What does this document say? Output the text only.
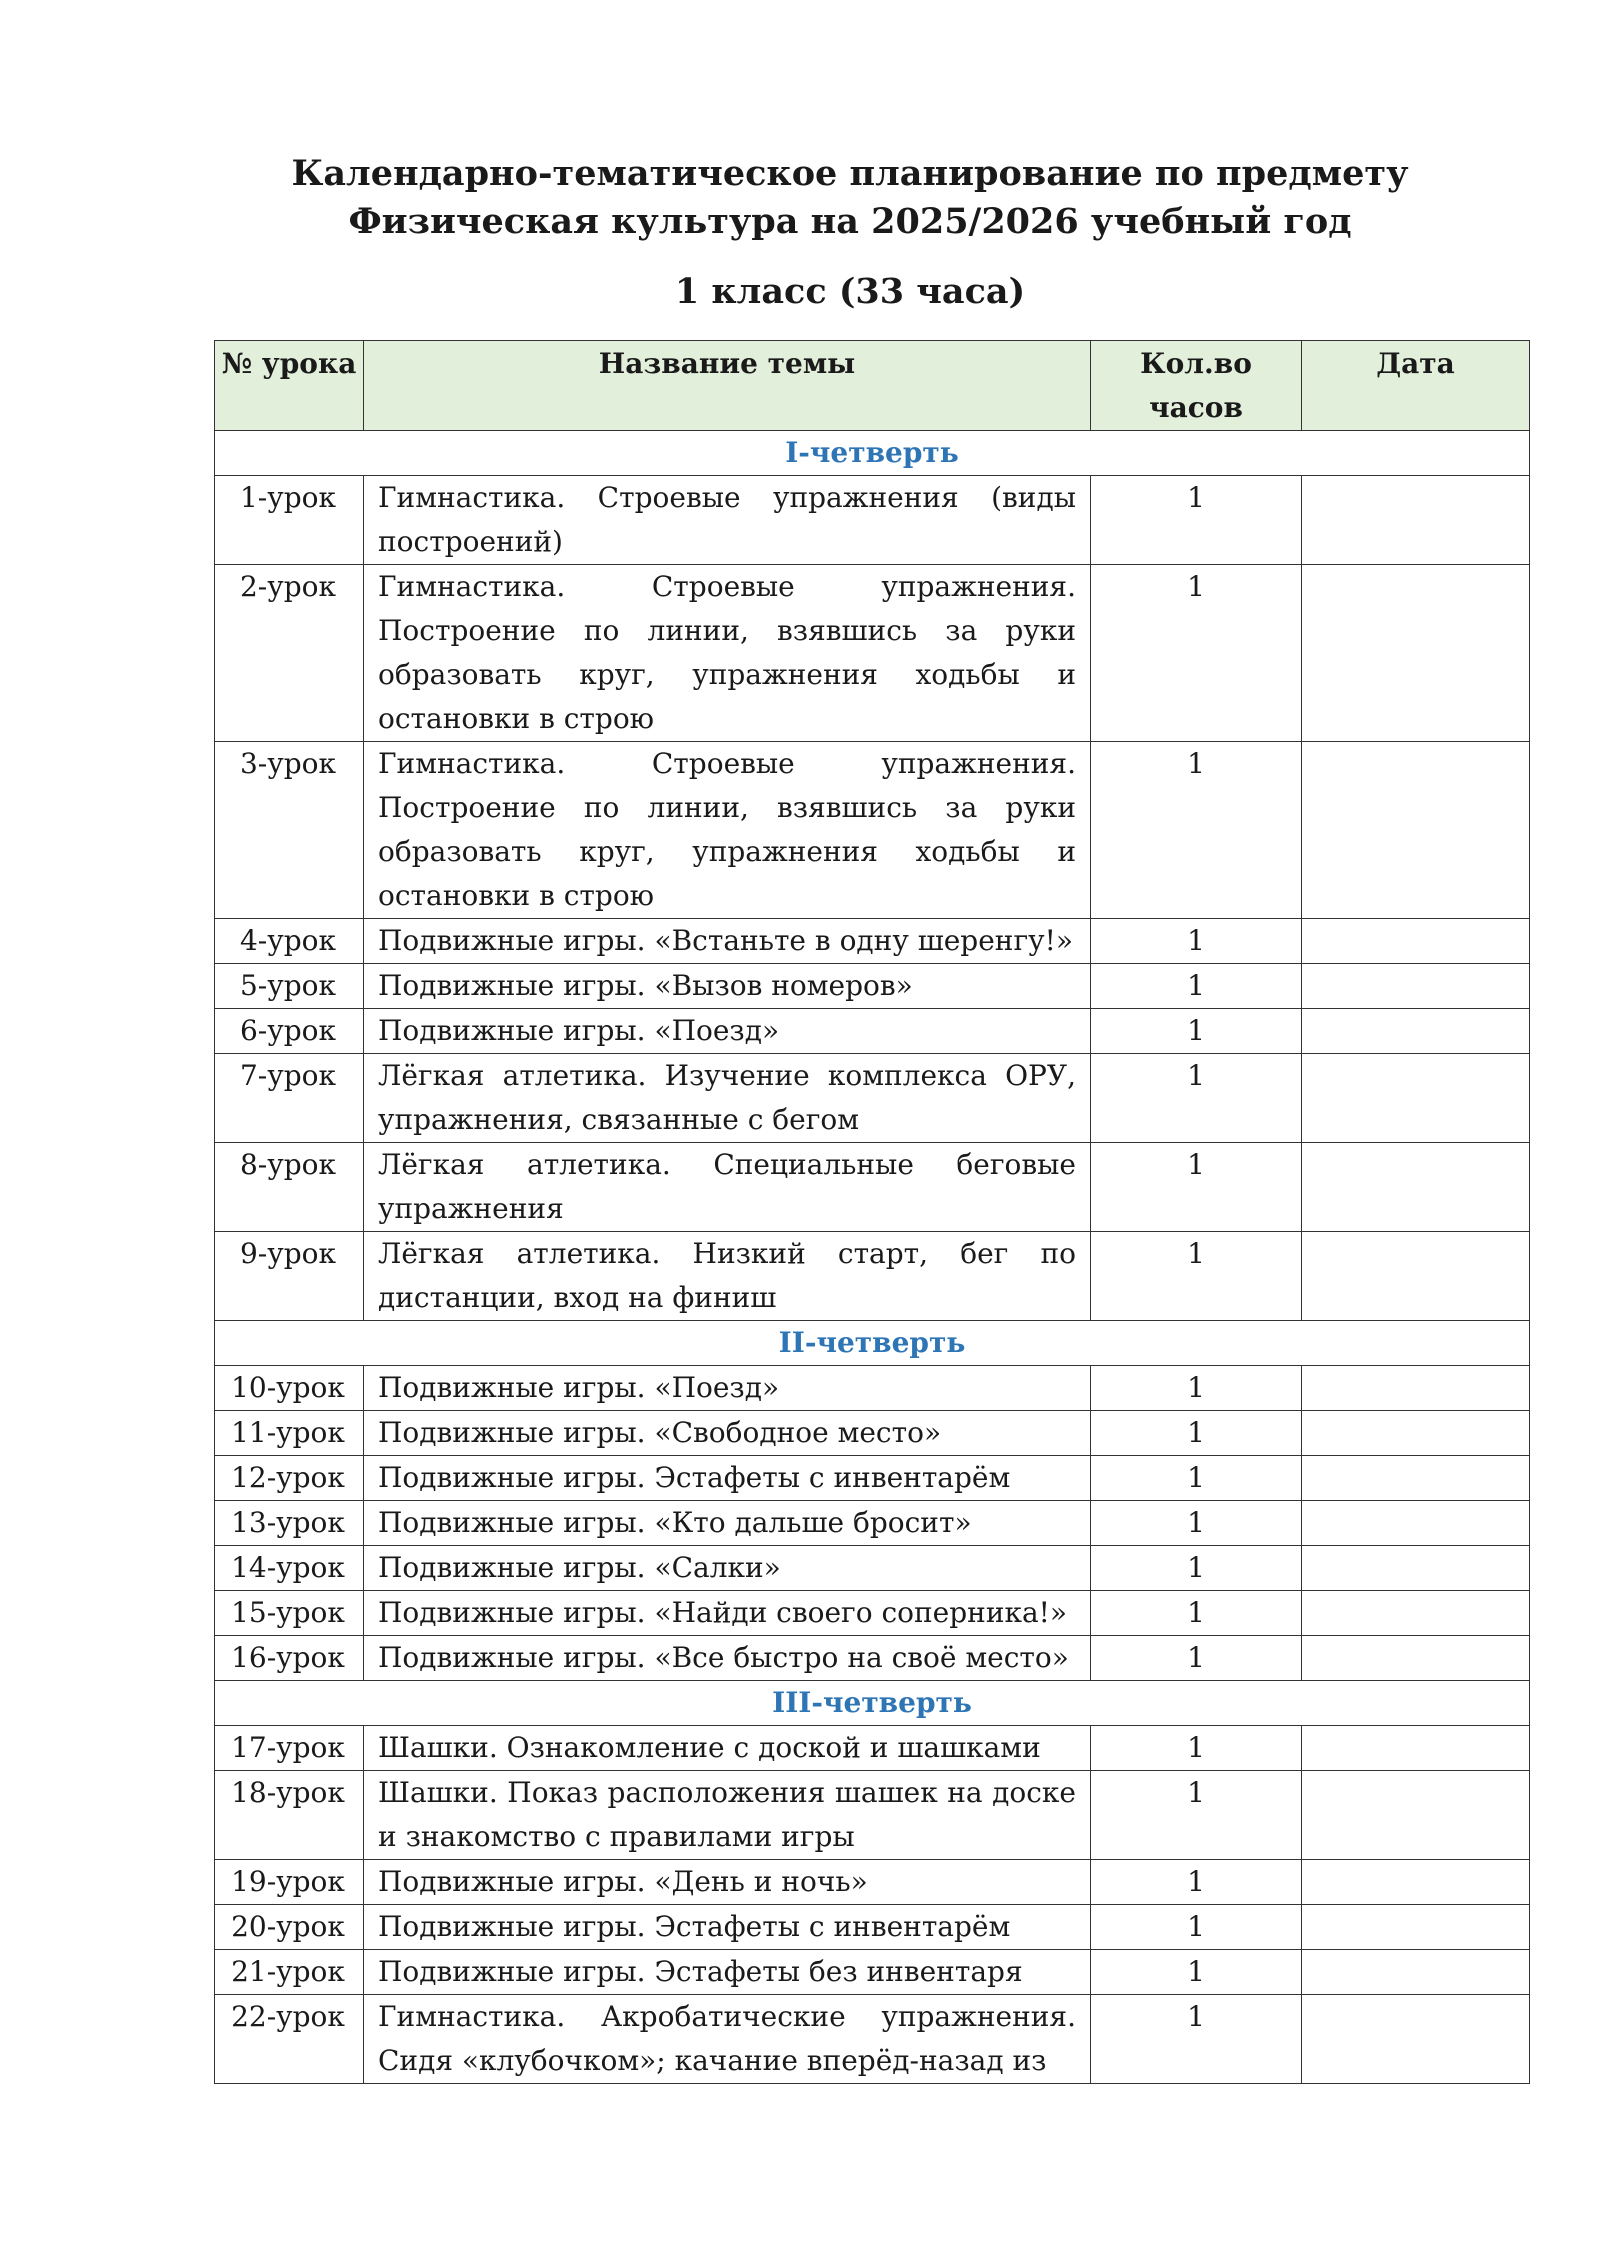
Календарно-тематическое планирование по предмету Физическая культура на 2025/2026 учебный год
1 класс (33 часа)
№ урока	Название темы	Кол.во часов	Дата
I-четверть			
1-урок	Гимнастика. Строевые упражнения (виды построений)	1	
2-урок	Гимнастика. Строевые упражнения. Построение по линии, взявшись за руки образовать круг, упражнения ходьбы и остановки в строю	1	
3-урок	Гимнастика. Строевые упражнения. Построение по линии, взявшись за руки образовать круг, упражнения ходьбы и остановки в строю	1	
4-урок	Подвижные игры. «Встаньте в одну шеренгу!»	1	
5-урок	Подвижные игры. «Вызов номеров»	1	
6-урок	Подвижные игры. «Поезд»	1	
7-урок	Лёгкая атлетика. Изучение комплекса ОРУ, упражнения, связанные с бегом	1	
8-урок	Лёгкая атлетика. Специальные беговые упражнения	1	
9-урок	Лёгкая атлетика. Низкий старт, бег по дистанции, вход на финиш	1	
II-четверть			
10-урок	Подвижные игры. «Поезд»	1	
11-урок	Подвижные игры. «Свободное место»	1	
12-урок	Подвижные игры. Эстафеты с инвентарём	1	
13-урок	Подвижные игры. «Кто дальше бросит»	1	
14-урок	Подвижные игры. «Салки»	1	
15-урок	Подвижные игры. «Найди своего соперника!»	1	
16-урок	Подвижные игры. «Все быстро на своё место»	1	
III-четверть			
17-урок	Шашки. Ознакомление с доской и шашками	1	
18-урок	Шашки. Показ расположения шашек на доске и знакомство с правилами игры	1	
19-урок	Подвижные игры. «День и ночь»	1	
20-урок	Подвижные игры. Эстафеты с инвентарём	1	
21-урок	Подвижные игры. Эстафеты без инвентаря	1	
22-урок	Гимнастика. Акробатические упражнения. Сидя «клубочком»; качание вперёд-назад из	1	
